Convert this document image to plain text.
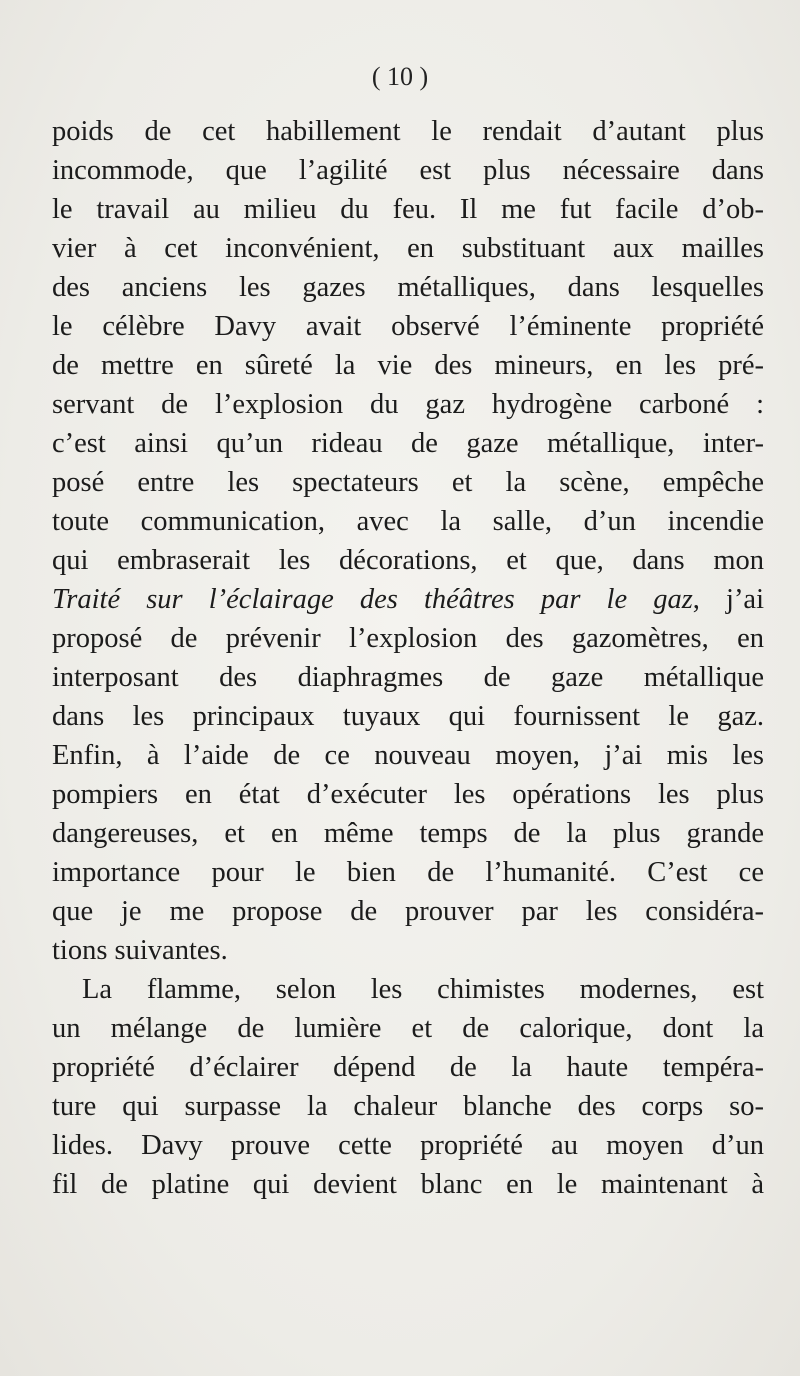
( 10 )
poids de cet habillement le rendait d’autant plus
incommode, que l’agilité est plus nécessaire dans
le travail au milieu du feu. Il me fut facile d’ob-
vier à cet inconvénient, en substituant aux mailles
des anciens les gazes métalliques, dans lesquelles
le célèbre Davy avait observé l’éminente propriété
de mettre en sûreté la vie des mineurs, en les pré-
servant de l’explosion du gaz hydrogène carboné :
c’est ainsi qu’un rideau de gaze métallique, inter-
posé entre les spectateurs et la scène, empêche
toute communication, avec la salle, d’un incendie
qui embraserait les décorations, et que, dans mon
Traité sur l’éclairage des théâtres par le gaz, j’ai
proposé de prévenir l’explosion des gazomètres, en
interposant des diaphragmes de gaze métallique
dans les principaux tuyaux qui fournissent le gaz.
Enfin, à l’aide de ce nouveau moyen, j’ai mis les
pompiers en état d’exécuter les opérations les plus
dangereuses, et en même temps de la plus grande
importance pour le bien de l’humanité. C’est ce
que je me propose de prouver par les considéra-
tions suivantes.
La flamme, selon les chimistes modernes, est
un mélange de lumière et de calorique, dont la
propriété d’éclairer dépend de la haute tempéra-
ture qui surpasse la chaleur blanche des corps so-
lides. Davy prouve cette propriété au moyen d’un
fil de platine qui devient blanc en le maintenant à
